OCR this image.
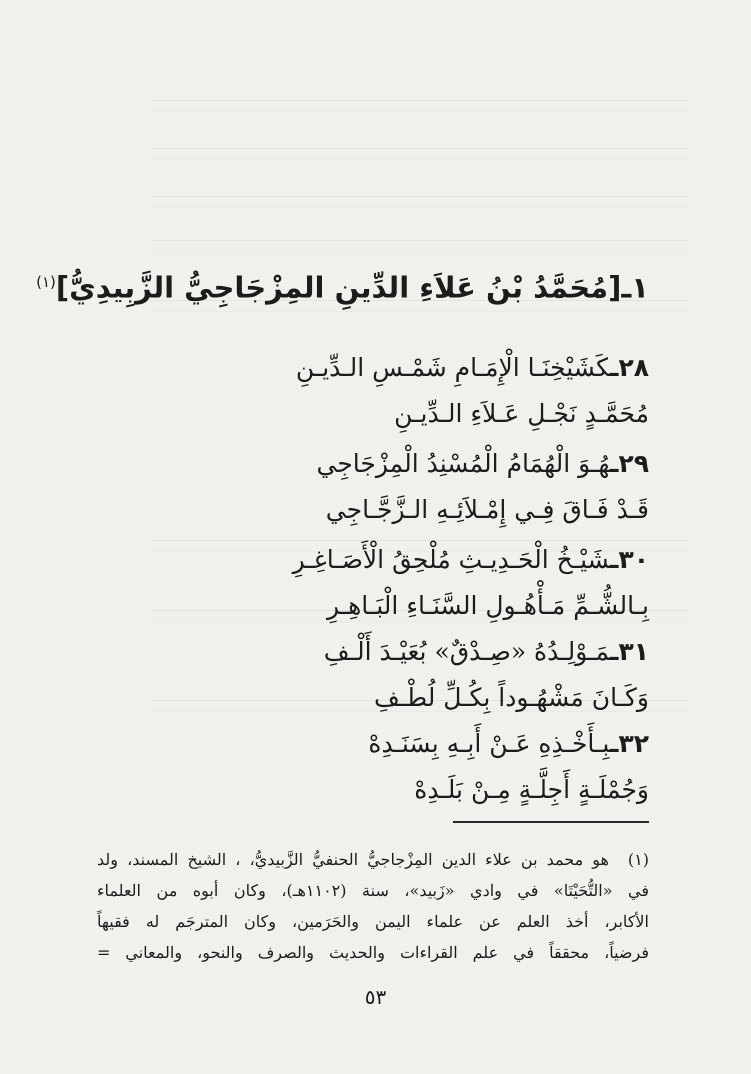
١ـ[مُحَمَّدُ بْنُ عَلاَءِ الدِّينِ المِزْجَاجِيُّ الزَّبِيدِيُّ]$^{(١)}$
٢٨ـكَشَيْخِنَـا الْإِمَـامِ شَمْـسِ الـدِّيـنِ
مُحَمَّـدٍ نَجْـلِ عَـلاَءِ الـدِّيـنِ
٢٩ـهُـوَ الْهُمَامُ الْمُسْنِدُ الْمِزْجَاجِي
قَـدْ فَـاقَ فِـي إِمْـلاَئِـهِ الـزَّجَّـاجِي
٣٠ـشَيْـخُ الْحَـدِيـثِ مُلْحِقُ الْأَصَـاغِـرِ
بِـالشُّـمِّ مَـأْهُـولِ السَّنَـاءِ الْبَـاهِـرِ
٣١ـمَـوْلِـدُهُ «صِـدْقٌ» بُعَيْـدَ أَلْـفِ
وَكَـانَ مَشْهُـوداً بِكُـلِّ لُطْـفِ
٣٢ـبِـأَخْـذِهِ عَـنْ أَبِـهِ بِسَنَـدِهْ
وَجُمْلَـةٍ أَجِلَّـةٍ مِـنْ بَلَـدِهْ
(١)هو محمد بن علاء الدين المِزْجاجيُّ الحنفيُّ الزَّبيديُّ، ، الشيخ المسند، ولد
في «التُّحَيْتَا» في وادي «زَبيد»، سنة (١١٠٢هـ)، وكان أبوه من العلماء
الأكابر، أخذ العلم عن علماء اليمن والحَرَمين، وكان المترجَم له فقيهاً
فرضياً، محققاً في علم القراءات والحديث والصرف والنحو، والمعاني =
٥٣
